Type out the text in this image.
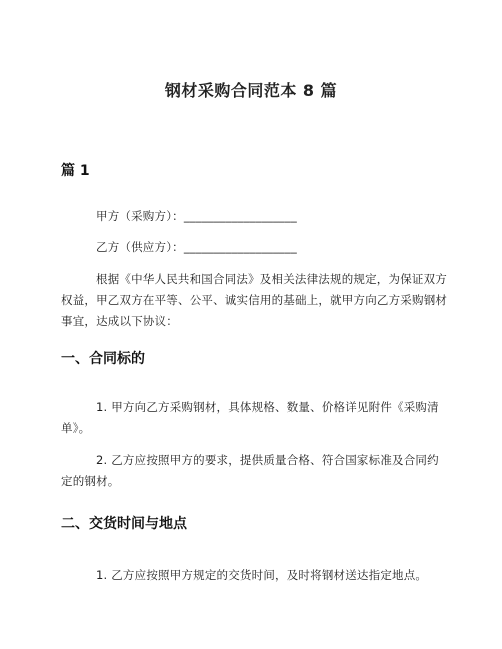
钢材采购合同范本 8 篇
篇 1

甲方（采购方）：___________________

乙方（供应方）：___________________

根据《中华人民共和国合同法》及相关法律法规的规定，为保证双方权益，甲乙双方在平等、公平、诚实信用的基础上，就甲方向乙方采购钢材事宜，达成以下协议：

一、合同标的

1. 甲方向乙方采购钢材，具体规格、数量、价格详见附件《采购清单》。

2. 乙方应按照甲方的要求，提供质量合格、符合国家标准及合同约定的钢材。

二、交货时间与地点

1. 乙方应按照甲方规定的交货时间，及时将钢材送达指定地点。
